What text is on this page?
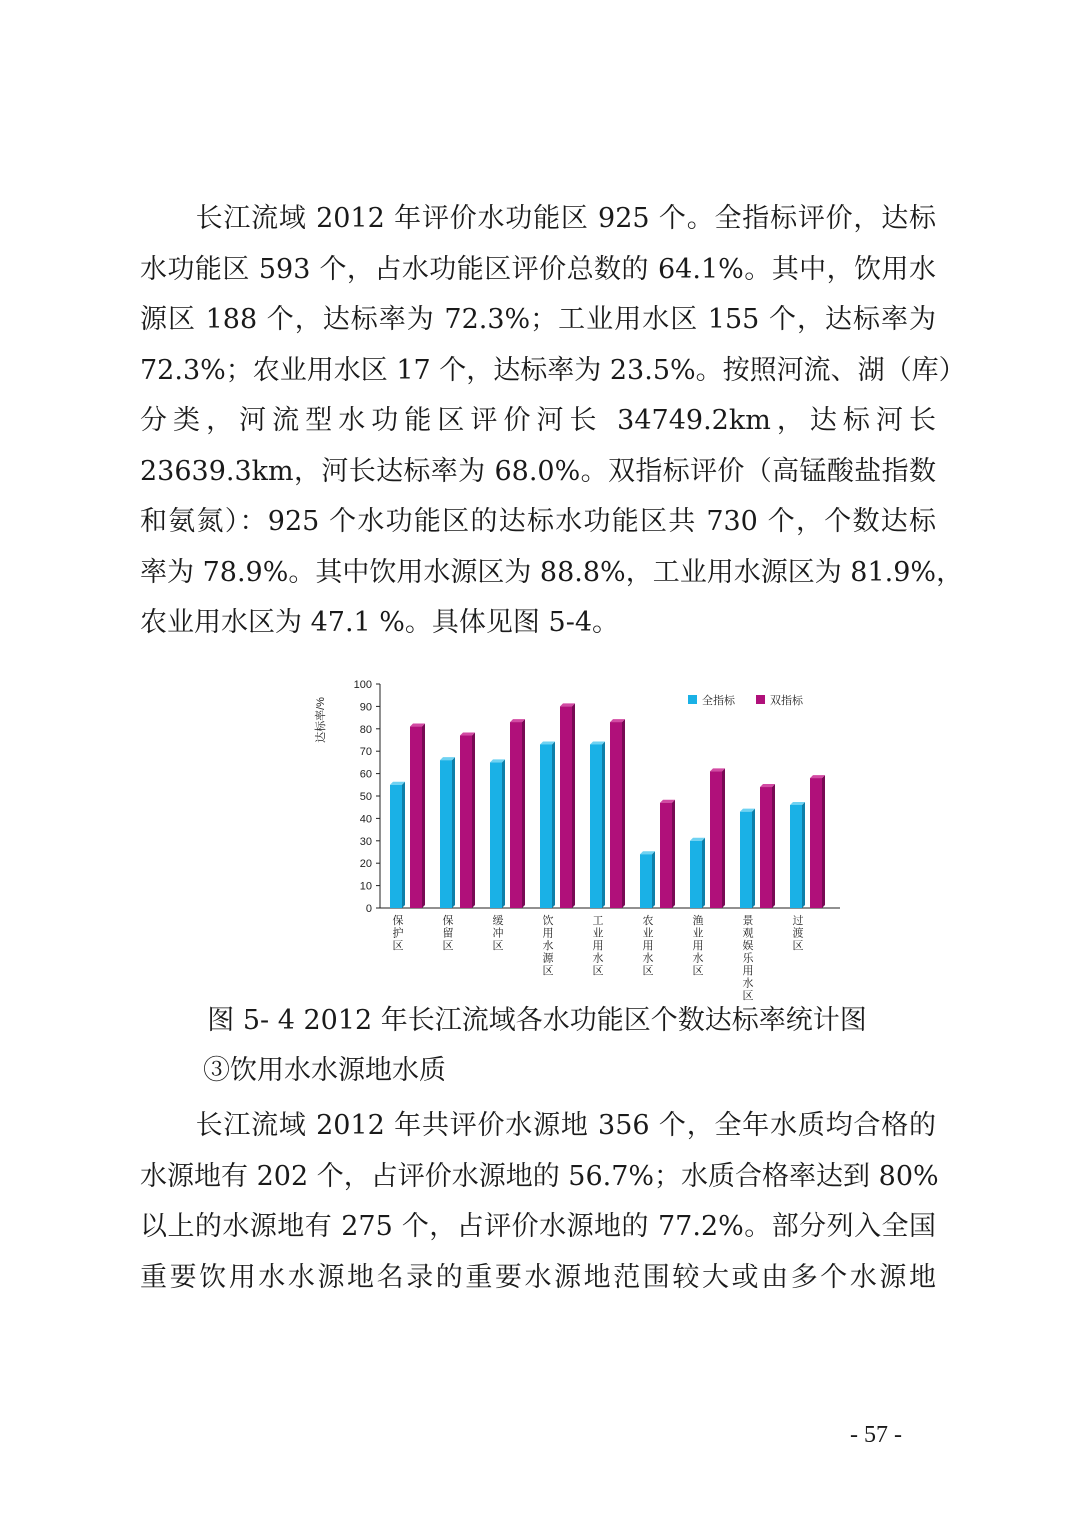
　　长江流域 2012 年评价水功能区 925 个。全指标评价，达标
水功能区 593 个，占水功能区评价总数的 64.1%。其中，饮用水
源区 188 个，达标率为 72.3%；工业用水区 155 个，达标率为
72.3%；农业用水区 17 个，达标率为 23.5%。按照河流、湖（库）
分类，河流型水功能区评价河长 34749.2km，达标河长
23639.3km，河长达标率为 68.0%。双指标评价（高锰酸盐指数
和氨氮）：925 个水功能区的达标水功能区共 730 个，个数达标
率为 78.9%。其中饮用水源区为 88.8%，工业用水源区为 81.9%，
农业用水区为 47.1 %。具体见图 5-4。
达标率/%
0
10
20
30
40
50
60
70
80
90
100
保
护
区
保
留
区
缓
冲
区
饮
用
水
源
区
工
业
用
水
区
农
业
用
水
区
渔
业
用
水
区
景
观
娱
乐
用
水
区
过
渡
区
全指标	双指标

图 5- 4 2012 年长江流域各水功能区个数达标率统计图

③饮用水水源地水质

　　长江流域 2012 年共评价水源地 356 个，全年水质均合格的
水源地有 202 个，占评价水源地的 56.7%；水质合格率达到 80%
以上的水源地有 275 个，占评价水源地的 77.2%。部分列入全国
重要饮用水水源地名录的重要水源地范围较大或由多个水源地

- 57 -
